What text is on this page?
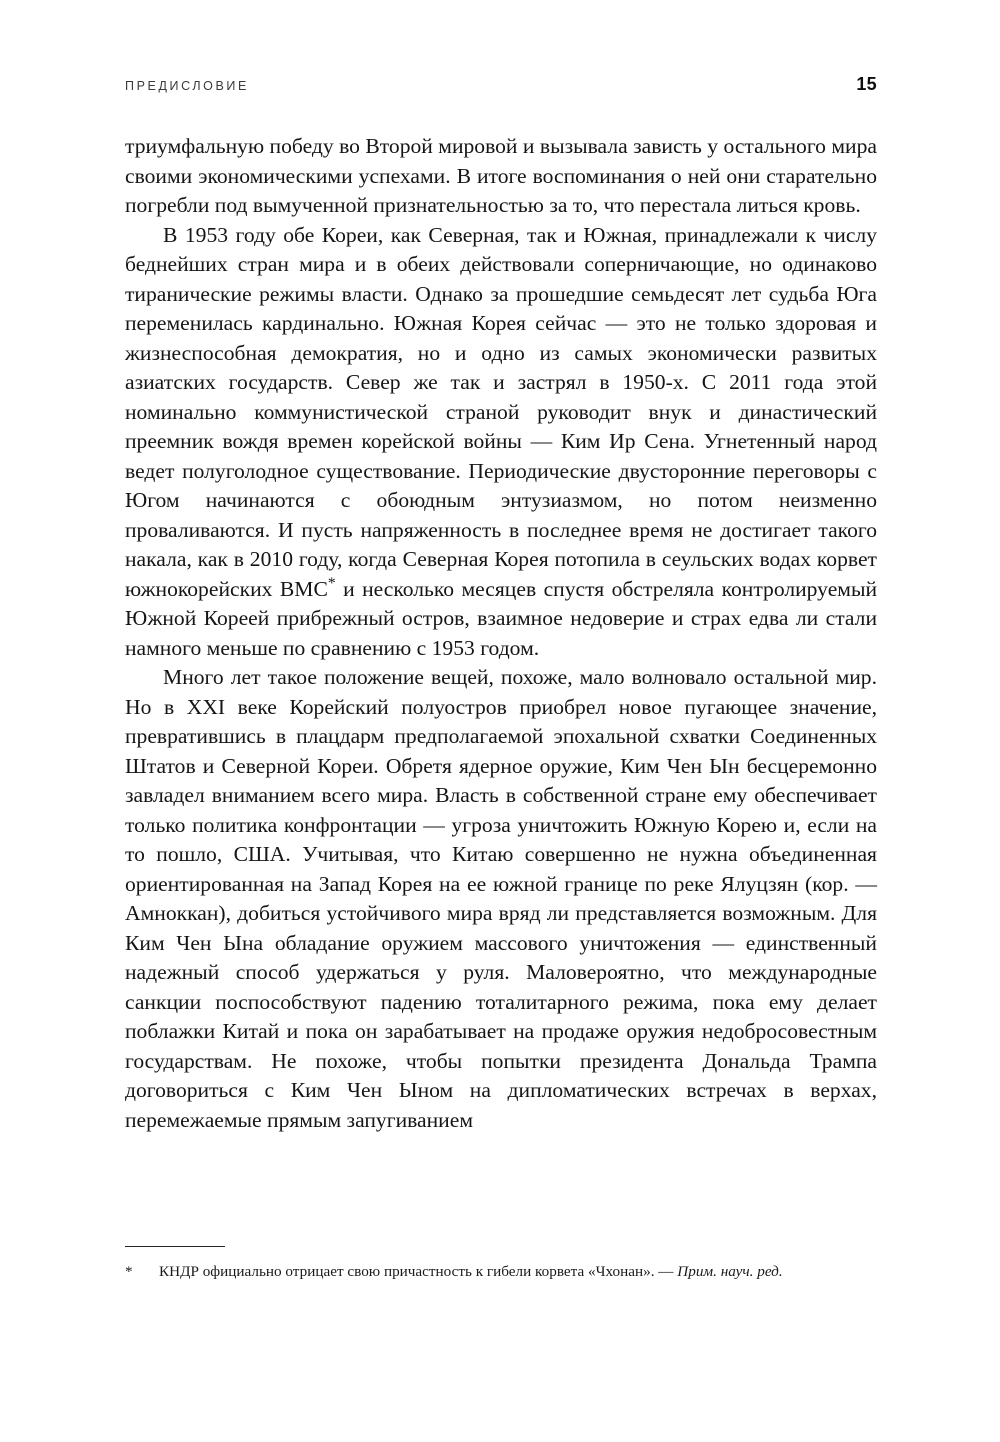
ПРЕДИСЛОВИЕ	15

триумфальную победу во Второй мировой и вызывала зависть у остального мира своими экономическими успехами. В итоге воспоминания о ней они старательно погребли под вымученной признательностью за то, что перестала литься кровь.

В 1953 году обе Кореи, как Северная, так и Южная, принадлежали к числу беднейших стран мира и в обеих действовали соперничающие, но одинаково тиранические режимы власти. Однако за прошедшие семьдесят лет судьба Юга переменилась кардинально. Южная Корея сейчас — это не только здоровая и жизнеспособная демократия, но и одно из самых экономически развитых азиатских государств. Север же так и застрял в 1950-х. С 2011 года этой номинально коммунистической страной руководит внук и династический преемник вождя времен корейской войны — Ким Ир Сена. Угнетенный народ ведет полуголодное существование. Периодические двусторонние переговоры с Югом начинаются с обоюдным энтузиазмом, но потом неизменно проваливаются. И пусть напряженность в последнее время не достигает такого накала, как в 2010 году, когда Северная Корея потопила в сеульских водах корвет южнокорейских ВМС* и несколько месяцев спустя обстреляла контролируемый Южной Кореей прибрежный остров, взаимное недоверие и страх едва ли стали намного меньше по сравнению с 1953 годом.

Много лет такое положение вещей, похоже, мало волновало остальной мир. Но в XXI веке Корейский полуостров приобрел новое пугающее значение, превратившись в плацдарм предполагаемой эпохальной схватки Соединенных Штатов и Северной Кореи. Обретя ядерное оружие, Ким Чен Ын бесцеремонно завладел вниманием всего мира. Власть в собственной стране ему обеспечивает только политика конфронтации — угроза уничтожить Южную Корею и, если на то пошло, США. Учитывая, что Китаю совершенно не нужна объединенная ориентированная на Запад Корея на ее южной границе по реке Ялуцзян (кор. — Амноккан), добиться устойчивого мира вряд ли представляется возможным. Для Ким Чен Ына обладание оружием массового уничтожения — единственный надежный способ удержаться у руля. Маловероятно, что международные санкции поспособствуют падению тоталитарного режима, пока ему делает поблажки Китай и пока он зарабатывает на продаже оружия недобросовестным государствам. Не похоже, чтобы попытки президента Дональда Трампа договориться с Ким Чен Ыном на дипломатических встречах в верхах, перемежаемые прямым запугиванием

*	КНДР официально отрицает свою причастность к гибели корвета «Чхонан». — Прим. науч. ред.
